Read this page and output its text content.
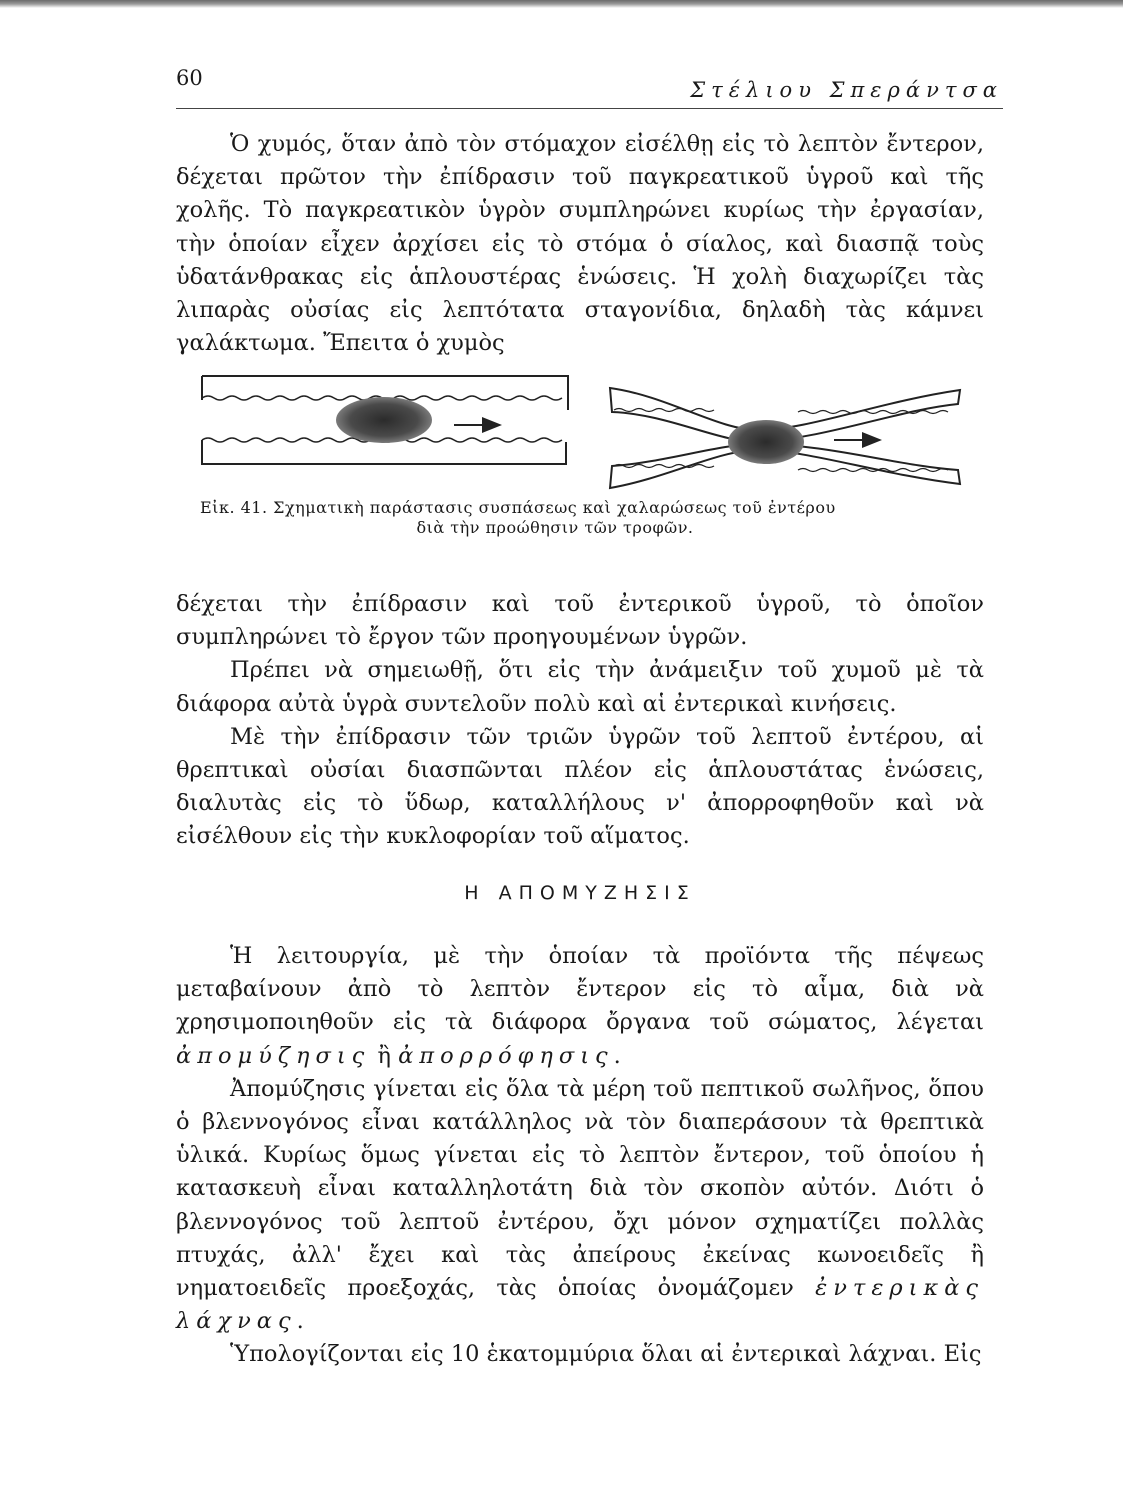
60	Στέλιου Σπεράντσα

Ὁ χυμός, ὅταν ἀπὸ τὸν στόμαχον εἰσέλθῃ εἰς τὸ λεπτὸν ἔντερον, δέχεται πρῶτον τὴν ἐπίδρασιν τοῦ παγκρεατικοῦ ὑγροῦ καὶ τῆς χολῆς. Τὸ παγκρεατικὸν ὑγρὸν συμπληρώνει κυρίως τὴν ἐργασίαν, τὴν ὁποίαν εἶχεν ἀρχίσει εἰς τὸ στόμα ὁ σίαλος, καὶ διασπᾷ τοὺς ὑδατάνθρακας εἰς ἁπλουστέρας ἑνώσεις. Ἡ χολὴ διαχωρίζει τὰς λιπαρὰς οὐσίας εἰς λεπτότατα σταγονίδια, δηλαδὴ τὰς κάμνει γαλάκτωμα. Ἔπειτα ὁ χυμὸς

Εἰκ. 41. Σχηματικὴ παράστασις συσπάσεως καὶ χαλαρώσεως τοῦ ἐντέρου
διὰ τὴν προώθησιν τῶν τροφῶν.

δέχεται τὴν ἐπίδρασιν καὶ τοῦ ἐντερικοῦ ὑγροῦ, τὸ ὁποῖον συμπληρώνει τὸ ἔργον τῶν προηγουμένων ὑγρῶν.

Πρέπει νὰ σημειωθῇ, ὅτι εἰς τὴν ἀνάμειξιν τοῦ χυμοῦ μὲ τὰ διάφορα αὐτὰ ὑγρὰ συντελοῦν πολὺ καὶ αἱ ἐντερικαὶ κινήσεις.

Μὲ τὴν ἐπίδρασιν τῶν τριῶν ὑγρῶν τοῦ λεπτοῦ ἐντέρου, αἱ θρεπτικαὶ οὐσίαι διασπῶνται πλέον εἰς ἁπλουστάτας ἑνώσεις, διαλυτὰς εἰς τὸ ὕδωρ, καταλλήλους ν' ἀπορροφηθοῦν καὶ νὰ εἰσέλθουν εἰς τὴν κυκλοφορίαν τοῦ αἵματος.

Η ΑΠΟΜΥΖΗΣΙΣ

Ἡ λειτουργία, μὲ τὴν ὁποίαν τὰ προϊόντα τῆς πέψεως μεταβαίνουν ἀπὸ τὸ λεπτὸν ἔντερον εἰς τὸ αἷμα, διὰ νὰ χρησιμοποιηθοῦν εἰς τὰ διάφορα ὄργανα τοῦ σώματος, λέγεται ἀπομύζησις ἢ ἀπορρόφησις.

Ἀπομύζησις γίνεται εἰς ὅλα τὰ μέρη τοῦ πεπτικοῦ σωλῆνος, ὅπου ὁ βλεννογόνος εἶναι κατάλληλος νὰ τὸν διαπεράσουν τὰ θρεπτικὰ ὑλικά. Κυρίως ὅμως γίνεται εἰς τὸ λεπτὸν ἔντερον, τοῦ ὁποίου ἡ κατασκευὴ εἶναι καταλληλοτάτη διὰ τὸν σκοπὸν αὐτόν. Διότι ὁ βλεννογόνος τοῦ λεπτοῦ ἐντέρου, ὄχι μόνον σχηματίζει πολλὰς πτυχάς, ἀλλ' ἔχει καὶ τὰς ἀπείρους ἐκείνας κωνοειδεῖς ἢ νηματοειδεῖς προεξοχάς, τὰς ὁποίας ὀνομάζομεν ἐντερικὰς λάχνας.

Ὑπολογίζονται εἰς 10 ἑκατομμύρια ὅλαι αἱ ἐντερικαὶ λάχναι. Εἰς
